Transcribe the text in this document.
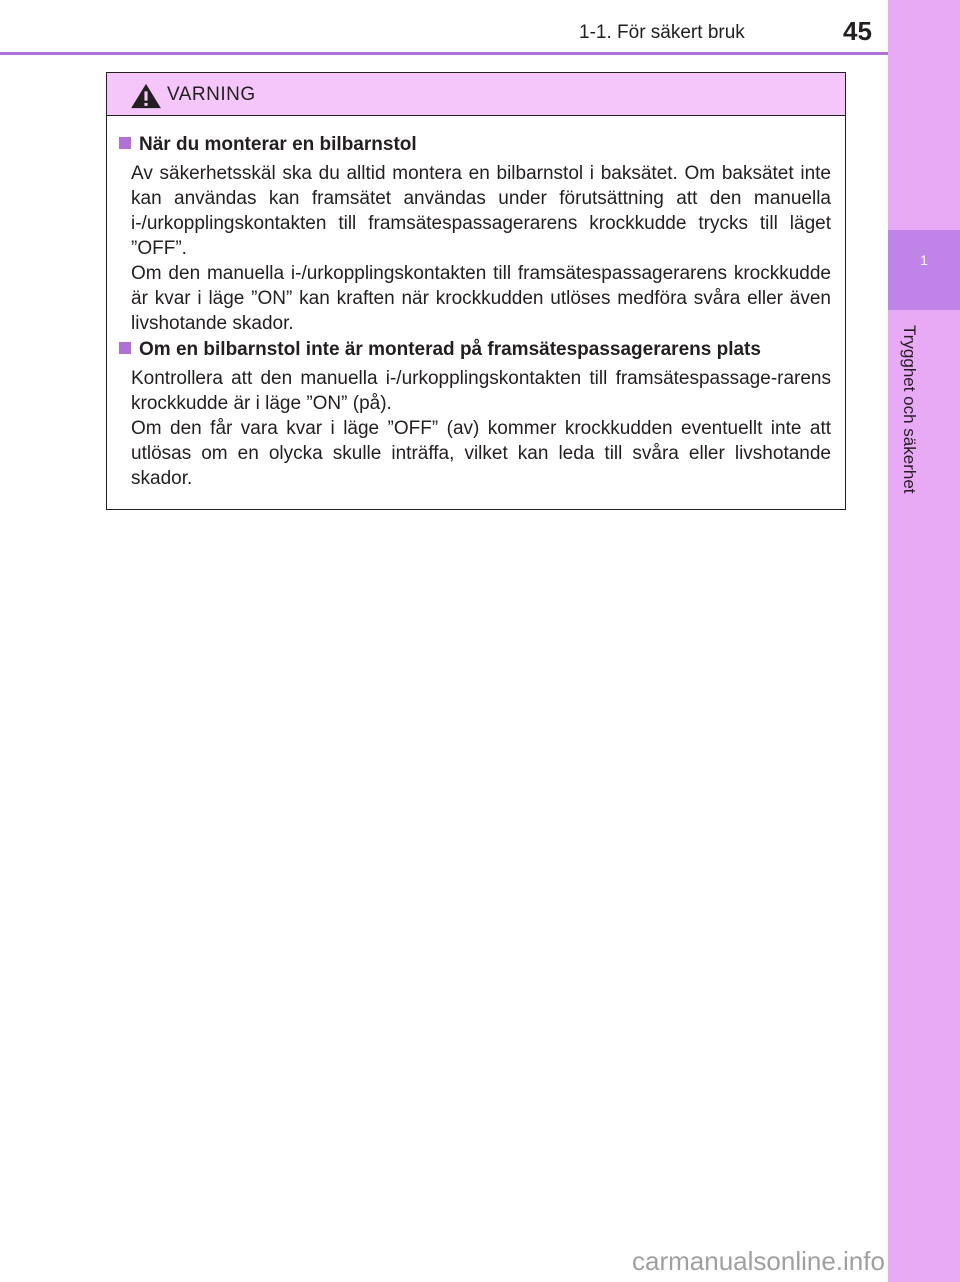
1-1. För säkert bruk	45
1
Trygghet och säkerhet
VARNING
När du monterar en bilbarnstol
Av säkerhetsskäl ska du alltid montera en bilbarnstol i baksätet. Om baksätet inte kan användas kan framsätet användas under förutsättning att den manuella i-/urkopplingskontakten till framsätespassagerarens krockkudde trycks till läget ”OFF”.
Om den manuella i-/urkopplingskontakten till framsätespassagerarens krockkudde är kvar i läge ”ON” kan kraften när krockkudden utlöses medföra svåra eller även livshotande skador.
Om en bilbarnstol inte är monterad på framsätespassagerarens plats
Kontrollera att den manuella i-/urkopplingskontakten till framsätespassage-rarens krockkudde är i läge ”ON” (på).
Om den får vara kvar i läge ”OFF” (av) kommer krockkudden eventuellt inte att utlösas om en olycka skulle inträffa, vilket kan leda till svåra eller livshotande skador.
carmanualsonline.info
